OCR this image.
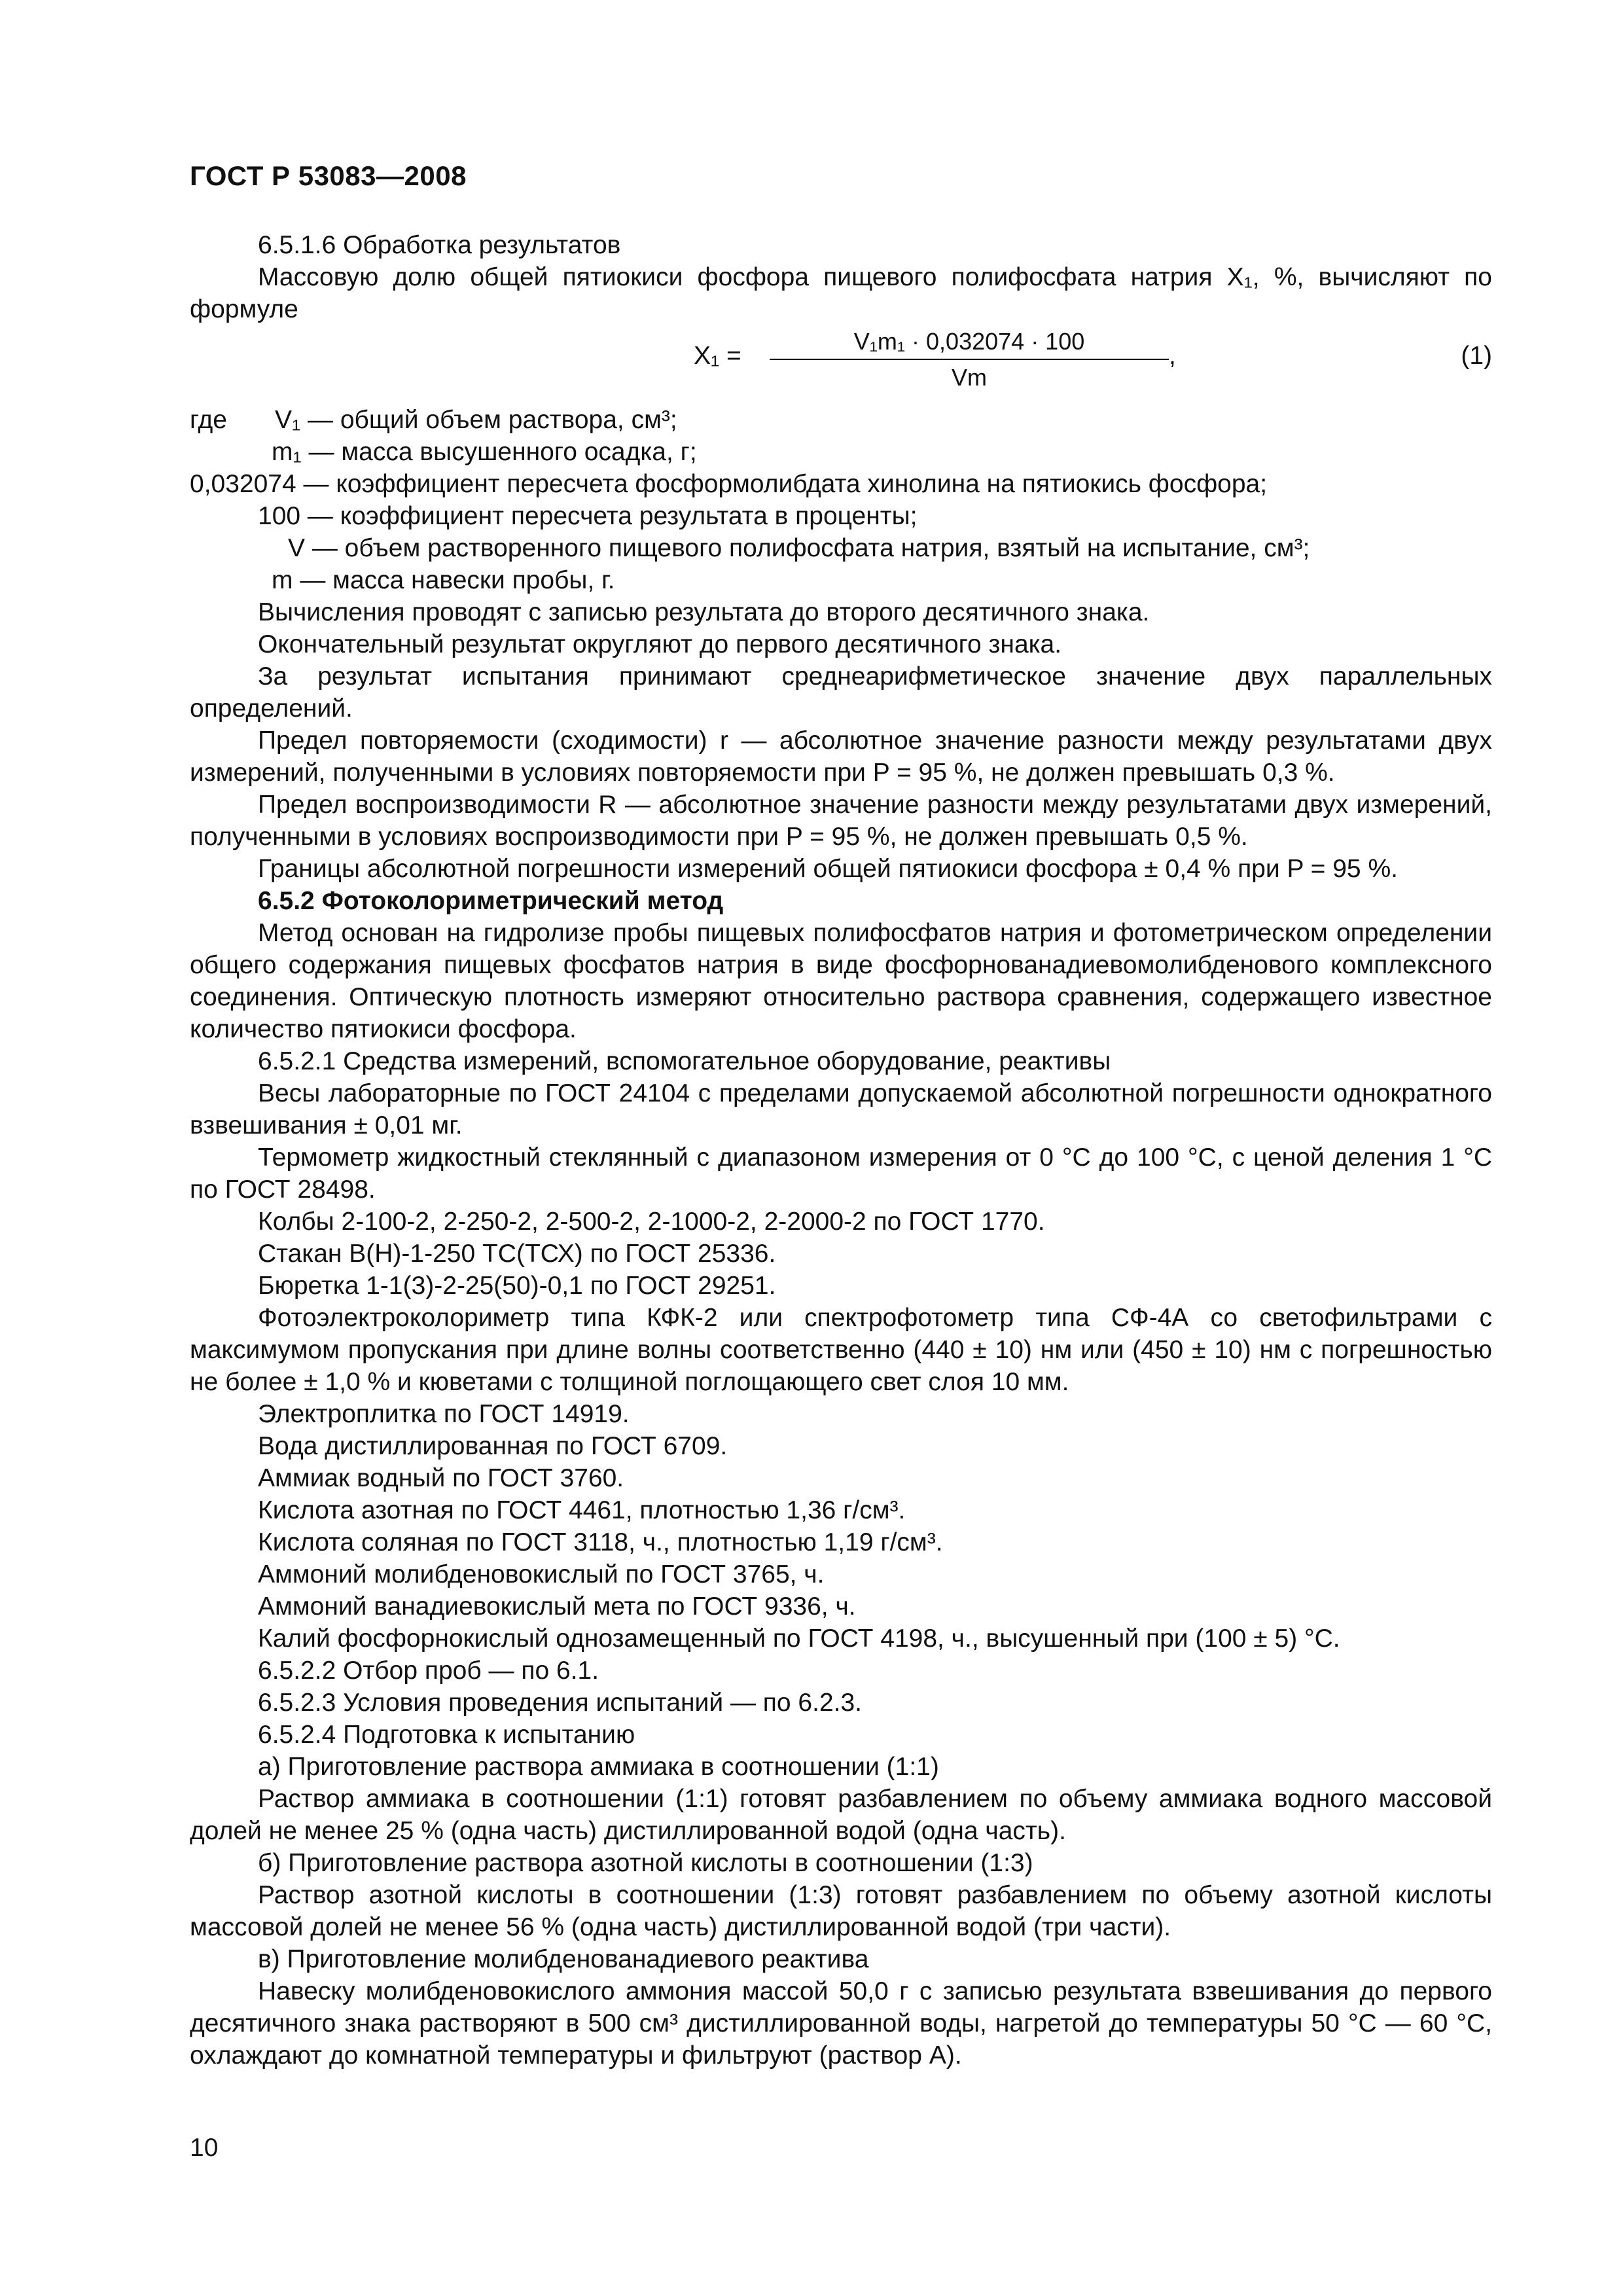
ГОСТ Р 53083—2008

6.5.1.6 Обработка результатов

Массовую долю общей пятиокиси фосфора пищевого полифосфата натрия X₁, %, вычисляют по формуле

$X_1 = \frac{\text{V₁m₁ · 0,032074 · 100}}{Vm}$ ,	(1)
где V₁ — общий объем раствора, см³;
m₁ — масса высушенного осадка, г;
0,032074 — коэффициент пересчета фосформолибдата хинолина на пятиокись фосфора;
100 — коэффициент пересчета результата в проценты;
V — объем растворенного пищевого полифосфата натрия, взятый на испытание, см³;
m — масса навески пробы, г.

Вычисления проводят с записью результата до второго десятичного знака.

Окончательный результат округляют до первого десятичного знака.

За результат испытания принимают среднеарифметическое значение двух параллельных определений.

Предел повторяемости (сходимости) r — абсолютное значение разности между результатами двух измерений, полученными в условиях повторяемости при P = 95 %, не должен превышать 0,3 %.

Предел воспроизводимости R — абсолютное значение разности между результатами двух измерений, полученными в условиях воспроизводимости при P = 95 %, не должен превышать 0,5 %.

Границы абсолютной погрешности измерений общей пятиокиси фосфора ± 0,4 % при P = 95 %.

6.5.2 Фотоколориметрический метод

Метод основан на гидролизе пробы пищевых полифосфатов натрия и фотометрическом определении общего содержания пищевых фосфатов натрия в виде фосфорнованадиевомолибденового комплексного соединения. Оптическую плотность измеряют относительно раствора сравнения, содержащего известное количество пятиокиси фосфора.

6.5.2.1 Средства измерений, вспомогательное оборудование, реактивы

Весы лабораторные по ГОСТ 24104 с пределами допускаемой абсолютной погрешности однократного взвешивания ± 0,01 мг.

Термометр жидкостный стеклянный с диапазоном измерения от 0 °С до 100 °С, с ценой деления 1 °С по ГОСТ 28498.

Колбы 2-100-2, 2-250-2, 2-500-2, 2-1000-2, 2-2000-2 по ГОСТ 1770.

Стакан В(Н)-1-250 ТС(ТСХ) по ГОСТ 25336.

Бюретка 1-1(3)-2-25(50)-0,1 по ГОСТ 29251.

Фотоэлектроколориметр типа КФК-2 или спектрофотометр типа СФ-4А со светофильтрами с максимумом пропускания при длине волны соответственно (440 ± 10) нм или (450 ± 10) нм с погрешностью не более ± 1,0 % и кюветами с толщиной поглощающего свет слоя 10 мм.

Электроплитка по ГОСТ 14919.

Вода дистиллированная по ГОСТ 6709.

Аммиак водный по ГОСТ 3760.

Кислота азотная по ГОСТ 4461, плотностью 1,36 г/см³.

Кислота соляная по ГОСТ 3118, ч., плотностью 1,19 г/см³.

Аммоний молибденовокислый по ГОСТ 3765, ч.

Аммоний ванадиевокислый мета по ГОСТ 9336, ч.

Калий фосфорнокислый однозамещенный по ГОСТ 4198, ч., высушенный при (100 ± 5) °С.

6.5.2.2 Отбор проб — по 6.1.

6.5.2.3 Условия проведения испытаний — по 6.2.3.

6.5.2.4 Подготовка к испытанию

а) Приготовление раствора аммиака в соотношении (1:1)

Раствор аммиака в соотношении (1:1) готовят разбавлением по объему аммиака водного массовой долей не менее 25 % (одна часть) дистиллированной водой (одна часть).

б) Приготовление раствора азотной кислоты в соотношении (1:3)

Раствор азотной кислоты в соотношении (1:3) готовят разбавлением по объему азотной кислоты массовой долей не менее 56 % (одна часть) дистиллированной водой (три части).

в) Приготовление молибденованадиевого реактива

Навеску молибденовокислого аммония массой 50,0 г с записью результата взвешивания до первого десятичного знака растворяют в 500 см³ дистиллированной воды, нагретой до температуры 50 °С — 60 °С, охлаждают до комнатной температуры и фильтруют (раствор А).

10
